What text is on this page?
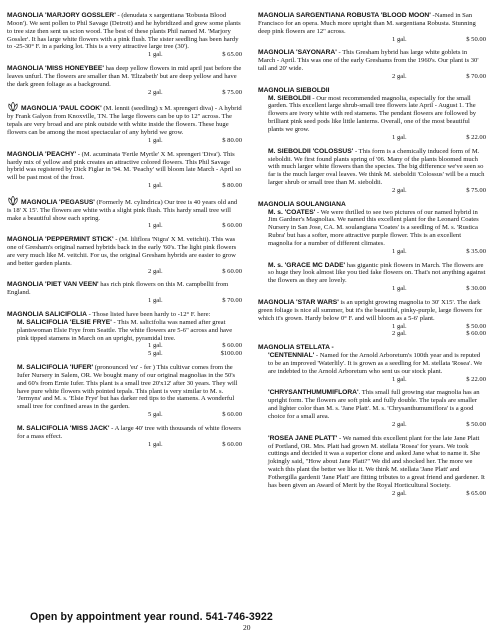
MAGNOLIA 'MARJORY GOSSLER' - (denudata x sargentiana 'Robusta Blood Moon'). We sent pollen to Phil Savage (Detroit) and he hybridized and grew some plants to tree size then sent us scion wood. The best of these plants Phil named M. 'Marjory Gossler'. It has large white flowers with a pink flush. The sister seedling has been hardy to -25-30° F. in a parking lot. This is a very attractive large tree (30').
1 gal.	$ 65.00
MAGNOLIA 'MISS HONEYBEE' has deep yellow flowers in mid april just before the leaves unfurl. The flowers are smaller than M. 'Elizabeth' but are deep yellow and have the dark green foliage as a background.
2 gal.	$ 75.00
MAGNOLIA 'PAUL COOK' (M. lennii (seedling) x M. sprengeri diva) - A hybrid by Frank Galyon from Knoxville, TN. The large flowers can be up to 12" across. The tepals are very broad and are pink outside with white inside the flowers. These huge flowers can be among the most spectacular of any hybrid we grow.
1 gal.	$ 80.00
MAGNOLIA 'PEACHY' - (M. acuminata 'Fertle Myrtle' X M. sprengeri 'Diva'). This hardy mix of yellow and pink creates an attractive colored flowers. This Phil Savage hybrid was registered by Dick Figlar in '94. M. 'Peachy' will bloom late March - April so will be past most of the frost.
1 gal.	$ 80.00
MAGNOLIA 'PEGASUS' (Formerly M. cylindrica) Our tree is 40 years old and is 18' X 15'. The flowers are white with a slight pink flush. This hardy small tree will make a beautiful show each spring.
1 gal.	$ 60.00
MAGNOLIA 'PEPPERMINT STICK' - (M. liliflora 'Nigra' X M. veitchii). This was one of Gresham's original named hybrids back in the early '60's. The light pink flowers are very much like M. veitchii. For us, the original Gresham hybrids are easier to grow and better garden plants.
2 gal.	$ 60.00
MAGNOLIA 'PIET VAN VEEN' has rich pink flowers on this M. campbellii from England.
1 gal.	$ 70.00
MAGNOLIA SALICIFOLIA - Those listed have been hardy to -12° F. here:
M. SALICIFOLIA 'ELSIE FRYE' - This M. salicifolia was named after great plantswoman Elsie Frye from Seattle. The white flowers are 5-6" across and have pink tipped stamens in March on an upright, pyramidal tree.
1 gal.	$ 60.00
5 gal.	$100.00
M. SALICIFOLIA 'IUFER' (pronounced 'eu' - fer ) This cultivar comes from the Iufer Nursery in Salem, OR. We bought many of our original magnolias in the 50's and 60's from Ernie Iufer. This plant is a small tree 20'x12' after 30 years. They will have pure white flowers with pointed tepals. This plant is very similar to M. s. 'Jermyns' and M. s. 'Elsie Frye' but has darker red tips to the stamens. A wonderful small tree for confined areas in the garden.
5 gal.	$ 60.00
M. SALICIFOLIA 'MISS JACK' - A large 40' tree with thousands of white flowers for a mass effect.
1 gal.	$ 60.00
MAGNOLIA SARGENTIANA ROBUSTA 'BLOOD MOON' -Named in San Francisco for an opera. Much more upright than M. sargentiana Robusta. Stunning deep pink flowers are 12" across.
1 gal.	$ 50.00
MAGNOLIA 'SAYONARA' - This Gresham hybrid has large white goblets in March - April. This was one of the early Greshams from the 1960's. Our plant is 30' tall and 20' wide.
2 gal.	$ 70.00
MAGNOLIA SIEBOLDII
M. SIEBOLDII - Our most recommended magnolia, especially for the small garden. This excellent large shrub-small tree flowers late April - August 1. The flowers are ivory white with red stamens. The pendant flowers are followed by brilliant pink seed pods like little lanterns. Overall, one of the most beautiful plants we grow.
1 gal.	$ 22.00
M. SIEBOLDII 'COLOSSUS' - This form is a chemically induced form of M. sieboldii. We first found plants spring of '06. Many of the plants bloomed much with much larger white flowers than the species. The big difference we've seen so far is the much larger oval leaves. We think M. sieboldii 'Colossus' will be a much larger shrub or small tree than M. sieboldii.
2 gal.	$ 75.00
MAGNOLIA SOULANGIANA
M. s. 'COATES' - We were thrilled to see two pictures of our named hybrid in Jim Gardner's Magnolias. We named this excellent plant for the Leonard Coates Nursery in San Jose, CA. M. soulangiana 'Coates' is a seedling of M. s. 'Rustica Rubra' but has a softer, more attractive purple flower. This is an excellent magnolia for a number of different climates.
1 gal.	$ 35.00
M. s. 'GRACE MC DADE' has gigantic pink flowers in March. The flowers are so huge they look almost like you tied fake flowers on. That's not anything against the flowers as they are lovely.
1 gal.	$ 30.00
MAGNOLIA 'STAR WARS' is an upright growing magnolia to 30' X15'. The dark green foliage is nice all summer, but it's the beautiful, pinky-purple, large flowers for which it's grown. Hardy below 0° F. and will bloom as a 5-6' plant.
1 gal.	$ 50.00
2 gal.	$ 60.00
MAGNOLIA STELLATA -
'CENTENNIAL' - Named for the Arnold Arboretum's 100th year and is reputed to be an improved 'Waterlily'. It is grown as a seedling for M. stellata 'Rosea'. We are indebted to the Arnold Arboretum who sent us our stock plant.
1 gal.	$ 22.00
'CHRYSANTHUMUMIFLORA'. This small full growing star magnolia has an upright form. The flowers are soft pink and fully double. The tepals are smaller and lighter color than M. s. 'Jane Platt'. M. s. 'Chrysanthumumiflora' is a good choice for a small area.
2 gal.	$ 50.00
'ROSEA JANE PLATT' - We named this excellent plant for the late Jane Platt of Portland, OR. Mrs. Platt had grown M. stellata 'Rosea' for years. We took cuttings and decided it was a superior clone and asked Jane what to name it. She jokingly said, "How about Jane Platt?" We did and shocked her. The more we watch this plant the better we like it. We think M. stellata 'Jane Platt' and Fothergilla gardenii 'Jane Platt' are fitting tributes to a great friend and gardener. It has been given an Award of Merit by the Royal Horticultural Society.
2 gal.	$ 65.00
Open by appointment year round. 541-746-3922
20
